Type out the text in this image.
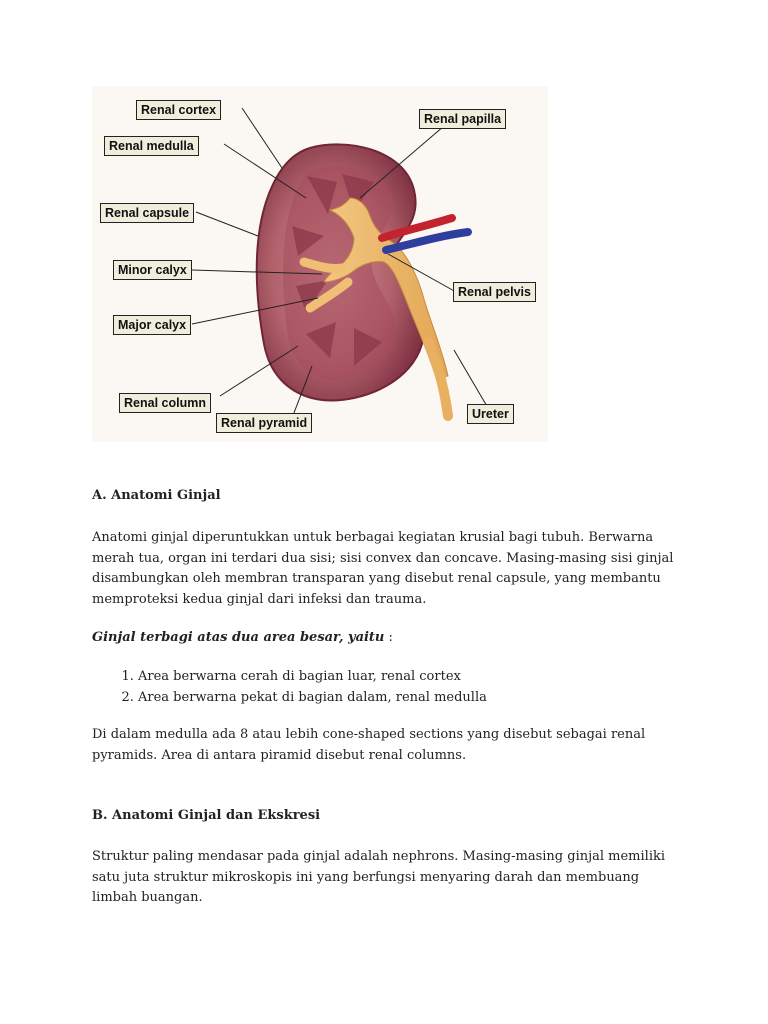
Renal cortex
Renal medulla
Renal capsule
Minor calyx
Major calyx
Renal column
Renal pyramid
Renal papilla
Renal pelvis
Ureter
A. Anatomi Ginjal

Anatomi ginjal diperuntukkan untuk berbagai kegiatan krusial bagi tubuh. Berwarna merah tua, organ ini terdari dua sisi; sisi convex dan concave. Masing-masing sisi ginjal disambungkan oleh membran transparan yang disebut renal capsule, yang membantu memproteksi kedua ginjal dari infeksi dan trauma.

Ginjal terbagi atas dua area besar, yaitu :

1. Area berwarna cerah di bagian luar, renal cortex
2. Area berwarna pekat di bagian dalam, renal medulla

Di dalam medulla ada 8 atau lebih cone-shaped sections yang disebut sebagai renal pyramids. Area di antara piramid disebut renal columns.

B. Anatomi Ginjal dan Ekskresi

Struktur paling mendasar pada ginjal adalah nephrons. Masing-masing ginjal memiliki satu juta struktur mikroskopis ini yang berfungsi menyaring darah dan membuang limbah buangan.
